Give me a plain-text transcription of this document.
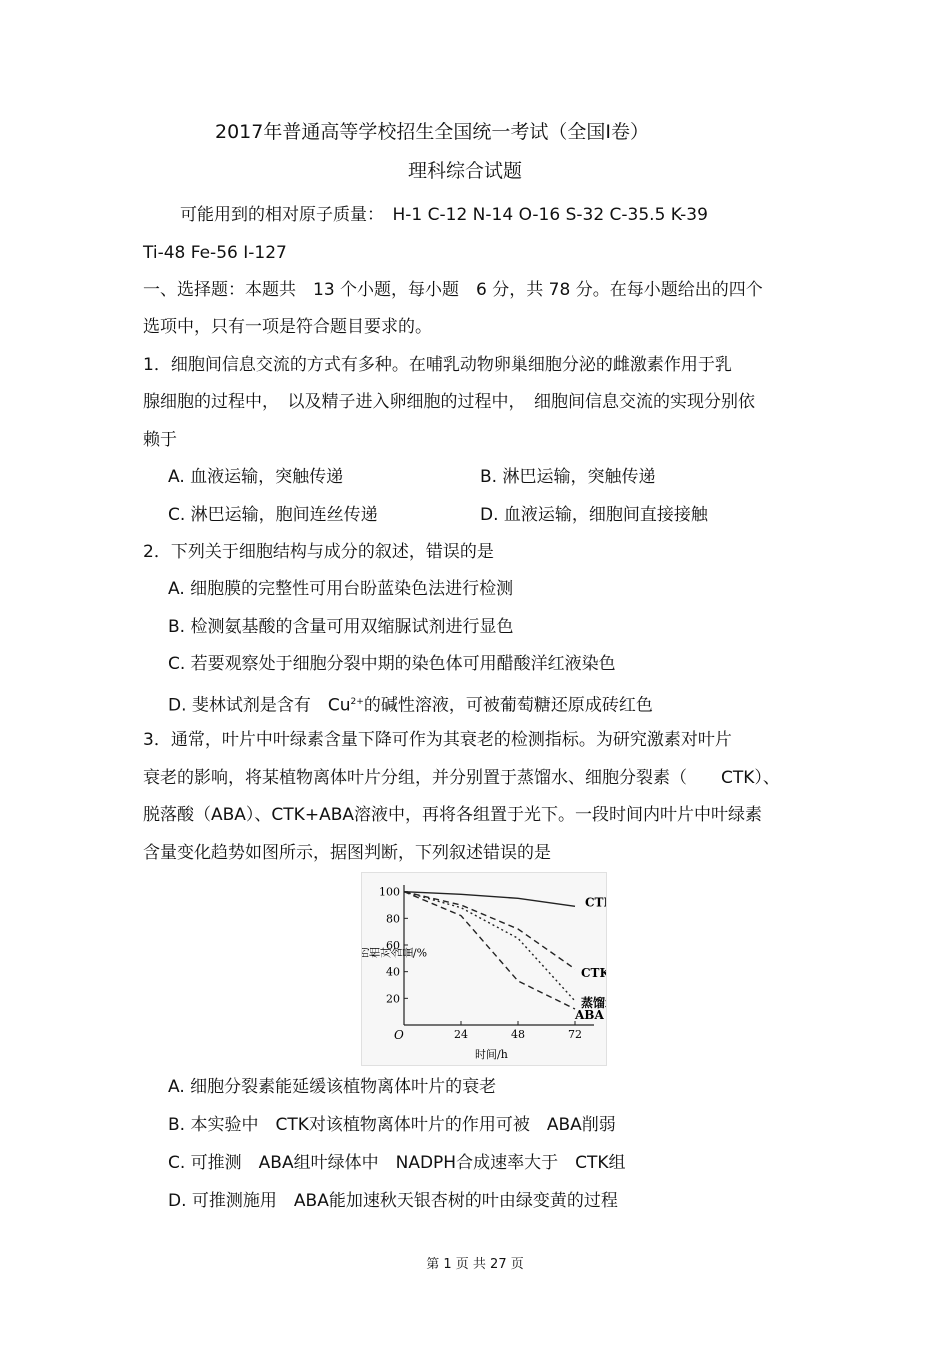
2017年普通高等学校招生全国统一考试（全国Ⅰ卷）
理科综合试题
可能用到的相对原子质量：　H-1 C-12 N-14 O-16 S-32 C-35.5 K-39
Ti-48 Fe-56 I-127
一、选择题：本题共　13 个小题，每小题　6 分，共 78 分。在每小题给出的四个
选项中，只有一项是符合题目要求的。
1．细胞间信息交流的方式有多种。在哺乳动物卵巢细胞分泌的雌激素作用于乳
腺细胞的过程中，　以及精子进入卵细胞的过程中，　细胞间信息交流的实现分别依
赖于
A. 血液运输，突触传递	B. 淋巴运输，突触传递
C. 淋巴运输，胞间连丝传递	D. 血液运输，细胞间直接接触
2．下列关于细胞结构与成分的叙述，错误的是
A. 细胞膜的完整性可用台盼蓝染色法进行检测
B. 检测氨基酸的含量可用双缩脲试剂进行显色
C. 若要观察处于细胞分裂中期的染色体可用醋酸洋红液染色
D. 斐林试剂是含有　$Cu^{2+}$的碱性溶液，可被葡萄糖还原成砖红色
3．通常，叶片中叶绿素含量下降可作为其衰老的检测指标。为研究激素对叶片
衰老的影响，将某植物离体叶片分组，并分别置于蒸馏水、细胞分裂素（　　CTK）、
脱落酸（ABA）、CTK+ABA溶液中，再将各组置于光下。一段时间内叶片中叶绿素
含量变化趋势如图所示，据图判断，下列叙述错误的是
相对含量/%
O
时间/h
20
40
60
80
100
24	48	72
CT
CTK
蒸馏
ABA
A. 细胞分裂素能延缓该植物离体叶片的衰老
B. 本实验中　CTK对该植物离体叶片的作用可被　ABA削弱
C. 可推测　ABA组叶绿体中　NADPH合成速率大于　CTK组
D. 可推测施用　ABA能加速秋天银杏树的叶由绿变黄的过程
第 1 页 共 27 页
